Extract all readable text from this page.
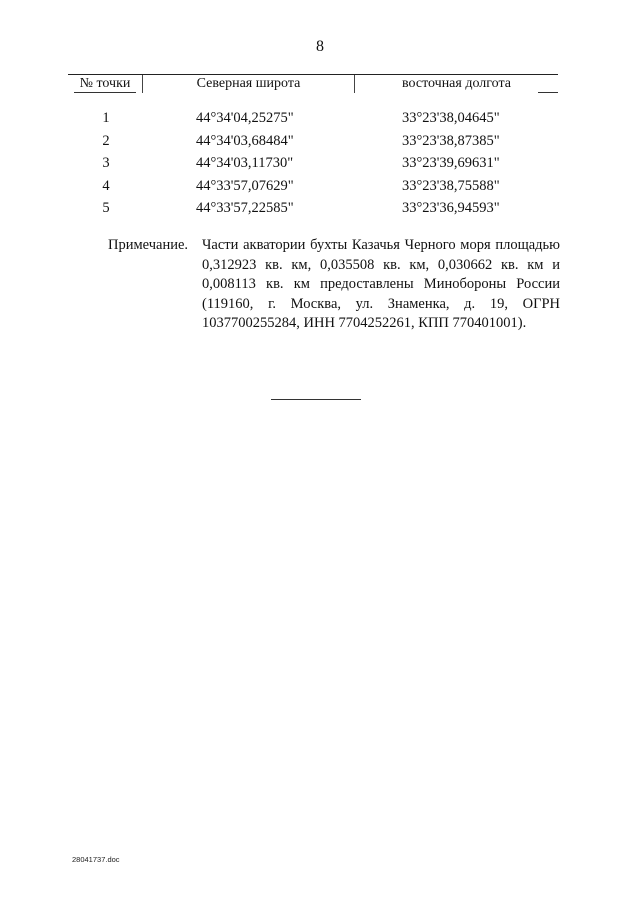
8
№ точки	Северная широта	восточная долгота
1	44°34'04,25275"	33°23'38,04645"
2	44°34'03,68484"	33°23'38,87385"
3	44°34'03,11730"	33°23'39,69631"
4	44°33'57,07629"	33°23'38,75588"
5	44°33'57,22585"	33°23'36,94593"
Примечание. Части акватории бухты Казачья Черного моря площадью 0,312923 кв. км, 0,035508 кв. км, 0,030662 кв. км и 0,008113 кв. км предоставлены Минобороны России (119160, г. Москва, ул. Знаменка, д. 19, ОГРН 1037700255284, ИНН 7704252261, КПП 770401001).
28041737.doc
